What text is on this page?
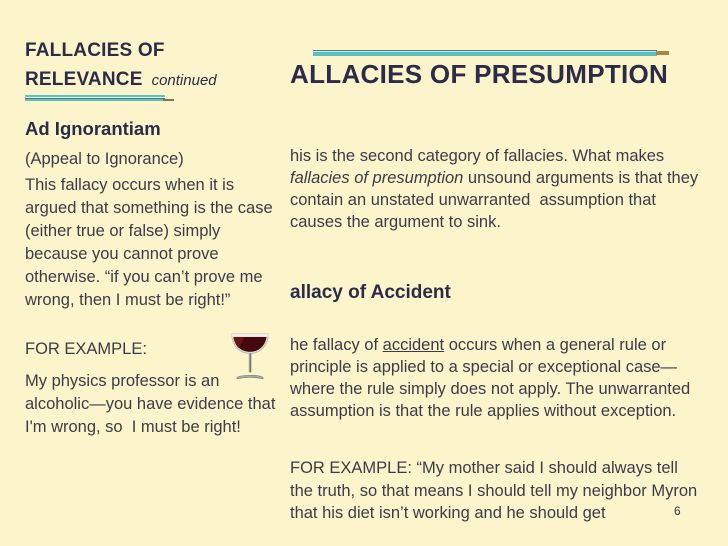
FALLACIES OF
RELEVANCE continued
Ad Ignorantiam
(Appeal to Ignorance)
This fallacy occurs when it is argued that something is the case (either true or false) simply because you cannot prove otherwise. “if you can’t prove me wrong, then I must be right!”
FOR EXAMPLE:
My physics professor is an alcoholic—you have evidence that I'm wrong, so  I must be right!
ALLACIES OF PRESUMPTION
his is the second category of fallacies. What makes fallacies of presumption unsound arguments is that they contain an unstated unwarranted  assumption that causes the argument to sink.
allacy of Accident
he fallacy of accident occurs when a general rule or principle is applied to a special or exceptional case—where the rule simply does not apply. The unwarranted assumption is that the rule applies without exception.
FOR EXAMPLE: “My mother said I should always tell the truth, so that means I should tell my neighbor Myron that his diet isn’t working and he should get	6
